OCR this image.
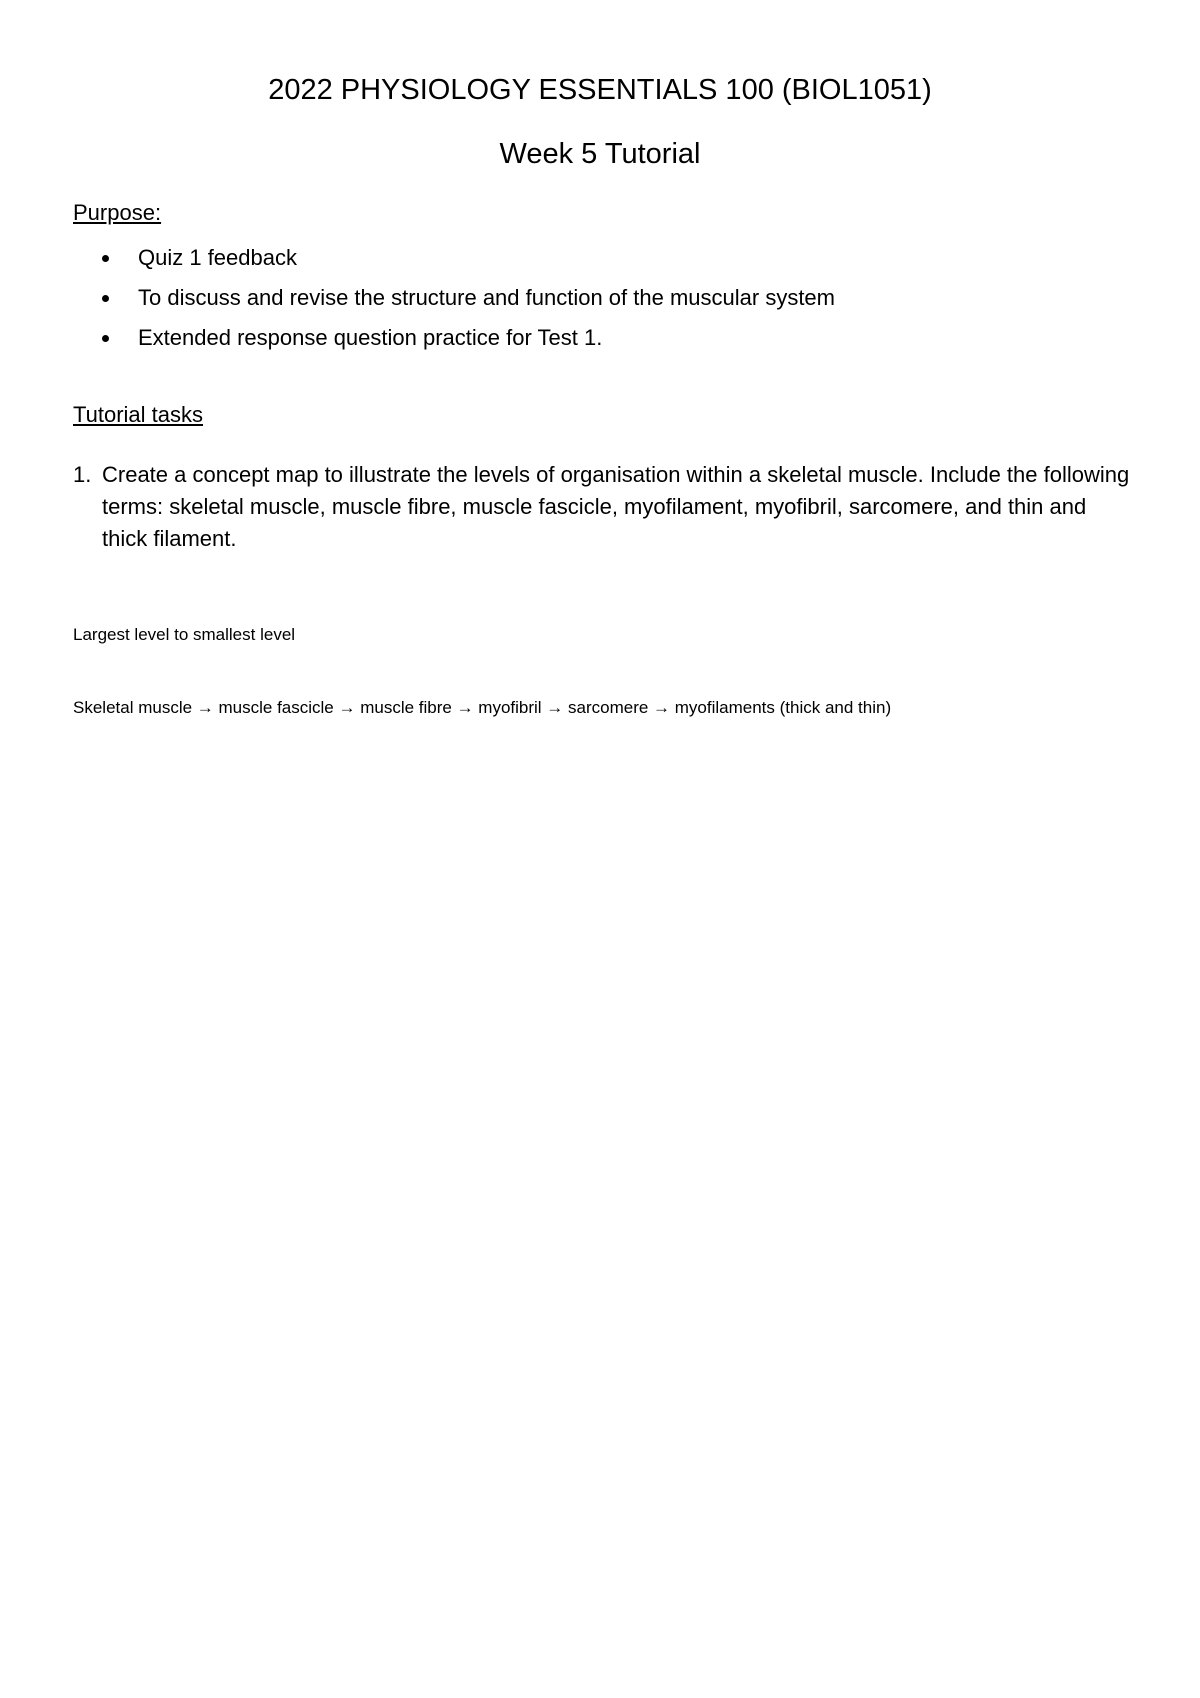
2022 PHYSIOLOGY ESSENTIALS 100 (BIOL1051)
Week 5 Tutorial
Purpose:
Quiz 1 feedback
To discuss and revise the structure and function of the muscular system
Extended response question practice for Test 1.
Tutorial tasks
1. Create a concept map to illustrate the levels of organisation within a skeletal muscle. Include the following terms: skeletal muscle, muscle fibre, muscle fascicle, myofilament, myofibril, sarcomere, and thin and thick filament.
Largest level to smallest level
Skeletal muscle → muscle fascicle → muscle fibre → myofibril → sarcomere → myofilaments (thick and thin)
